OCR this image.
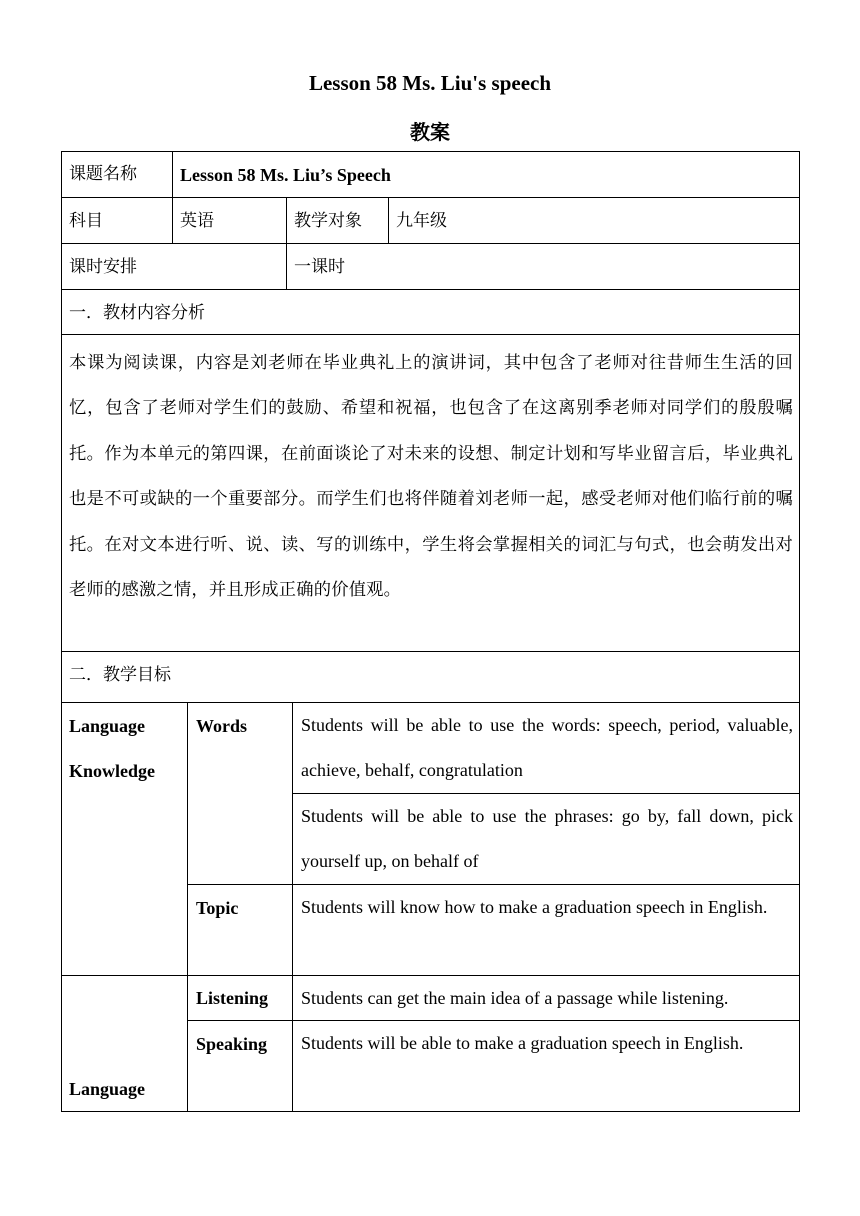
Lesson 58 Ms. Liu's speech
教案
课题名称 Lesson 58 Ms. Liu’s Speech
科目	英语	教学对象 九年级
课时安排	一课时
一．教材内容分析
本课为阅读课，内容是刘老师在毕业典礼上的演讲词，其中包含了老师对往昔师生生活的回忆，包含了老师对学生们的鼓励、希望和祝福，也包含了在这离别季老师对同学们的殷殷嘱托。作为本单元的第四课，在前面谈论了对未来的设想、制定计划和写毕业留言后，毕业典礼也是不可或缺的一个重要部分。而学生们也将伴随着刘老师一起，感受老师对他们临行前的嘱托。在对文本进行听、说、读、写的训练中，学生将会掌握相关的词汇与句式，也会萌发出对老师的感激之情，并且形成正确的价值观。
二．教学目标
Language
Knowledge
Words	Students will be able to use the words: speech, period, valuable, achieve, behalf, congratulation
Students will be able to use the phrases: go by, fall down, pick yourself up, on behalf of
Topic	Students will know how to make a graduation speech in English.
Listening Students can get the main idea of a passage while listening.
Speaking Students will be able to make a graduation speech in English.
Language
